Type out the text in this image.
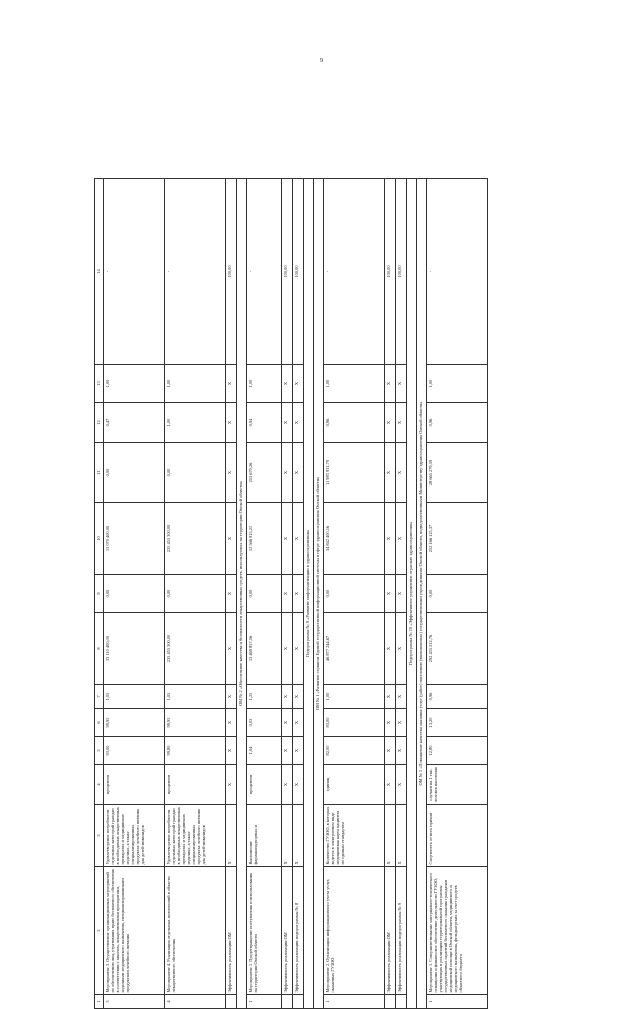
9
1	2	3	4	5	6	7	8	9	10	11	12	13	14
3	Мероприятие 3. Осуществление организационных мероприятий по обеспечению лиц, утративших право бесплатного обеспечения в соответствии с законом, лекарственными препаратами, изделиями медицинского назначения, специализированными продуктами лечебного питания	Удовлетворение потребности отдельных категорий граждан в необходимых лекарственных препаратах и медицинских изделиях, а также специализированных продуктах лечебного питания для детей-инвалидов	процентов	93,00	99,95	1,05	33 110 400,00	0,00	13 070 400,00	0,00	0,47	1,00	-
4	Мероприятие 4. Реализация отдельных полномочий в области лекарственного обеспечения	Удовлетворение потребности отдельных категорий граждан в необходимых лекарственных препаратах и медицинских изделиях, а также специализированных продуктах лечебного питания для детей-инвалидов	процентов	99,80	99,95	1,05	235 455 300,00	0,00	235 455 300,00	0,00	1,00	1,00	-
	Эффективность реализации ОМ	Х	Х	Х	Х	Х	Х	Х	Х	Х	Х	Х	100,00
ОМ № 2 «Обеспечение качества и безопасности лекарственных средств, используемых на территории Омской области»													
1	Мероприятие 1. Предотвращение поступления и использования на территории Омской области	Выполнение фармаконадзорных и	процентов	1,04	0,03	1,25	13 469 857,56	0,00	12 566 915,21	253 670,26	0,94	1,00	-
	Эффективность реализации ОМ	Х	Х	Х	Х	Х	Х	Х	Х	Х	Х	Х	100,00
	Эффективность реализации подпрограммы № 8	Х	Х	Х	Х	Х	Х	Х	Х	Х	Х	Х	100,00
Подпрограмма № 9 «Развитие информатизации в здравоохранении»													
ОМ № 1 «Развитие сервисов Единой государственной информационной системы в сфере здравоохранения Омской области»													
1	Мероприятие 2. Организация информационного учета услуг, оказанных ГУЗОО	Количество ГУЗОО, в которых ведется в электронном виде медицинская карта пациента по единым стандартам	единиц	82,00	83,00	1,00	46 877 244,67	0,00	34 842 400,16	11 983 931,79	0,96	1,00	-
	Эффективность реализации ОМ	Х	Х	Х	Х	Х	Х	Х	Х	Х	Х	Х	100,00
	Эффективность реализации подпрограммы № 9	Х	Х	Х	Х	Х	Х	Х	Х	Х	Х	Х	100,00
Подпрограмма № 10 «Эффективное управление отраслью здравоохранения»													
ОМ № 1 «Повышение качества оказания услуг (работ) населению (выполняемых) государственными учреждениями Омской области, подведомственными Министерству здравоохранения Омской области»													
1	Мероприятие 1. Совершенствование материально-технического оснащения и финансовое обеспечение деятельности ГУЗОО, участвующих в реализации территориальной программы государственных гарантий бесплатного оказания гражданам медицинской помощи в Омской области, медицинского и медицинского назначения, фельдшерских за счет средств областного бюджета	Смертность от всех причин	случаев на 1 тыс. человек населения	12,80	13,20	0,96	292 455 212,76	0,00	252 166 125,37	28 665 279,59	0,96	1,00	-
